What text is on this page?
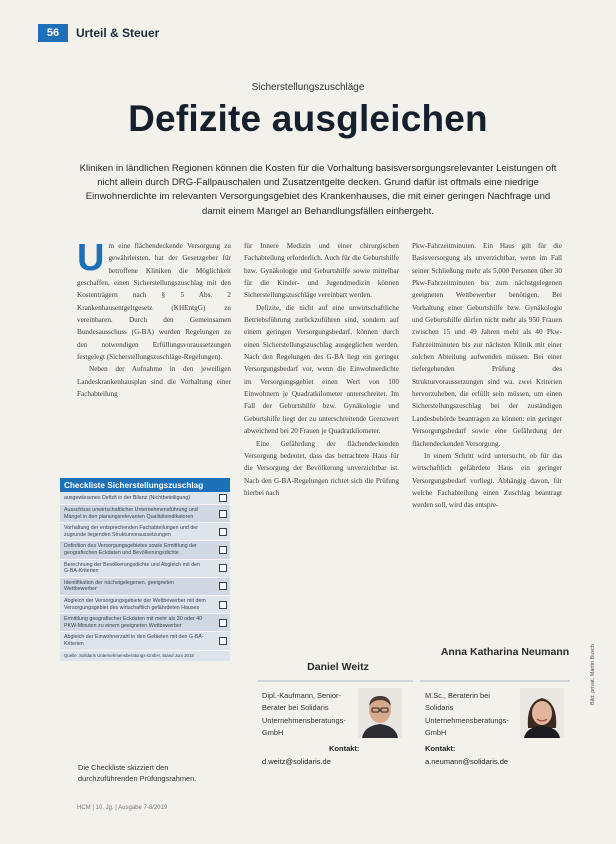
56	Urteil & Steuer
Sicherstellungszuschläge
Defizite ausgleichen
Kliniken in ländlichen Regionen können die Kosten für die Vorhaltung basisversorgungsrelevanter Leistungen oft nicht allein durch DRG-Fallpauschalen und Zusatzentgelte decken. Grund dafür ist oftmals eine niedrige Einwohnerdichte im relevanten Versorgungsgebiet des Krankenhauses, die mit einer geringen Nachfrage und damit einem Mangel an Behandlungsfällen einhergeht.
U m eine flächendeckende Versorgung zu gewährleisten, hat der Gesetzgeber für betroffene Kliniken die Möglichkeit geschaffen, einen Sicherstellungszuschlag mit den Kostenträgern nach § 5 Abs. 2 Krankenhausentgeltgesetz (KHEntgG) zu vereinbaren. Durch den Gemeinsamen Bundesausschuss (G-BA) wurden Regelungen zu den notwendigen Erfüllungsvoraussetzungen festgelegt (Sicherstellungszuschläge-Regelungen).

Neben der Aufnahme in den jeweiligen Landeskrankenhausplan sind die Vorhaltung einer Fachabteilung

für Innere Medizin und einer chirurgischen Fachabteilung erforderlich. Auch für die Geburtshilfe bzw. Gynäkologie und Geburtshilfe sowie mittelbar für die Kinder- und Jugendmedizin können Sicherstellungszuschläge vereinbart werden.

Defizite, die nicht auf eine unwirtschaftliche Betriebsführung zurückzuführen sind, sondern auf einem geringen Versorgungsbedarf, können durch einen Sicherstellungszuschlag ausgeglichen werden. Nach den Regelungen des G-BA liegt ein geringer Versorgungsbedarf vor, wenn die Einwohnerdichte im Versorgungsgebiet einen Wert von 100 Einwohnern je Quadratkilometer unterschreitet. Im Fall der Geburtshilfe bzw. Gynäkologie und Geburtshilfe liegt der zu unterschreitende Grenzwert abweichend bei 20 Frauen je Quadratkilometer.

Eine Gefährdung der flächendeckenden Versorgung bedeutet, dass das betrachtete Haus für die Versorgung der Bevölkerung unverzichtbar ist. Nach den G-BA-Regelungen richtet sich die Prüfung hierbei nach

Pkw-Fahrzeitminuten. Ein Haus gilt für die Basisversorgung als unverzichtbar, wenn im Fall seiner Schließung mehr als 5.000 Personen über 30 Pkw-Fahrzeitminuten bis zum nächstgelegenen geeigneten Wettbewerber benötigen. Bei Vorhaltung einer Geburtshilfe bzw. Gynäkologie und Geburtshilfe dürfen nicht mehr als 950 Frauen zwischen 15 und 49 Jahren mehr als 40 Pkw-Fahrzeitminuten bis zur nächsten Klinik mit einer solchen Abteilung aufwenden müssen. Bei einer tiefergehenden Prüfung des Strukturvoraussetzungen sind wa. zwei Kriterien hervorzuheben, die erfüllt sein müssen, um einen Sicherstellungszuschlag bei der zuständigen Landesbehörde beantragen zu können: ein geringer Versorgungsbedarf sowie eine Gefährdung der flächendeckenden Versorgung.

In einem Schritt wird untersucht, ob für das wirtschaftlich gefährdete Haus ein geringer Versorgungsbedarf vorliegt. Abhängig davon, für welche Fachabteilung einen Zuschlag beantragt werden soll, wird das entspre-

Checkliste Sicherstellungszuschlag
ausgewiesenes Defizit in der Bilanz (Nichtbeteiligung)
Ausschluss unwirtschaftlicher Unternehmensführung und Mängel in den planungsrelevanten Qualitätsindikatoren
Vorhaltung der entsprechenden Fachabteilungen und der zugrunde liegenden Strukturvoraussetzungen
Definition des Versorgungsgebietes sowie Ermittlung der geografischen Eckdaten und Bevölkerungsdichte
Berechnung der Bevölkerungsdichte und Abgleich mit den G-BA-Kriterien
Identifikation der nächstgelegenen, geeigneten Wettbewerber
Abgleich der Versorgungsgebiete der Wettbewerber mit dem Versorgungsgebiet des wirtschaftlich gefährdeten Hauses
Ermittlung geografischer Eckdaten mit mehr als 30 oder 40 PKW-Minuten zu einem geeigneten Wettbewerber
Abgleich der Einwohnerzahl in den Gebieten mit den G-BA-Kriterien
Quelle: Solidaris Unternehmensberatungs-GmbH, Stand Juni 2018
Die Checkliste skizziert den durchzuführenden Prüfungsrahmen.
Daniel Weitz
Anna Katharina Neumann
Dipl.-Kaufmann, Senior-Berater bei Solidaris Unternehmensberatungs-GmbH
M.Sc., Beraterin bei Solidaris Unternehmensberatungs-GmbH
Kontakt:	Kontakt:
d.weitz@solidaris.de	a.neumann@solidaris.de
Bild: privat, Martin Busch
HCM | 10. Jg. | Ausgabe 7-8/2019
